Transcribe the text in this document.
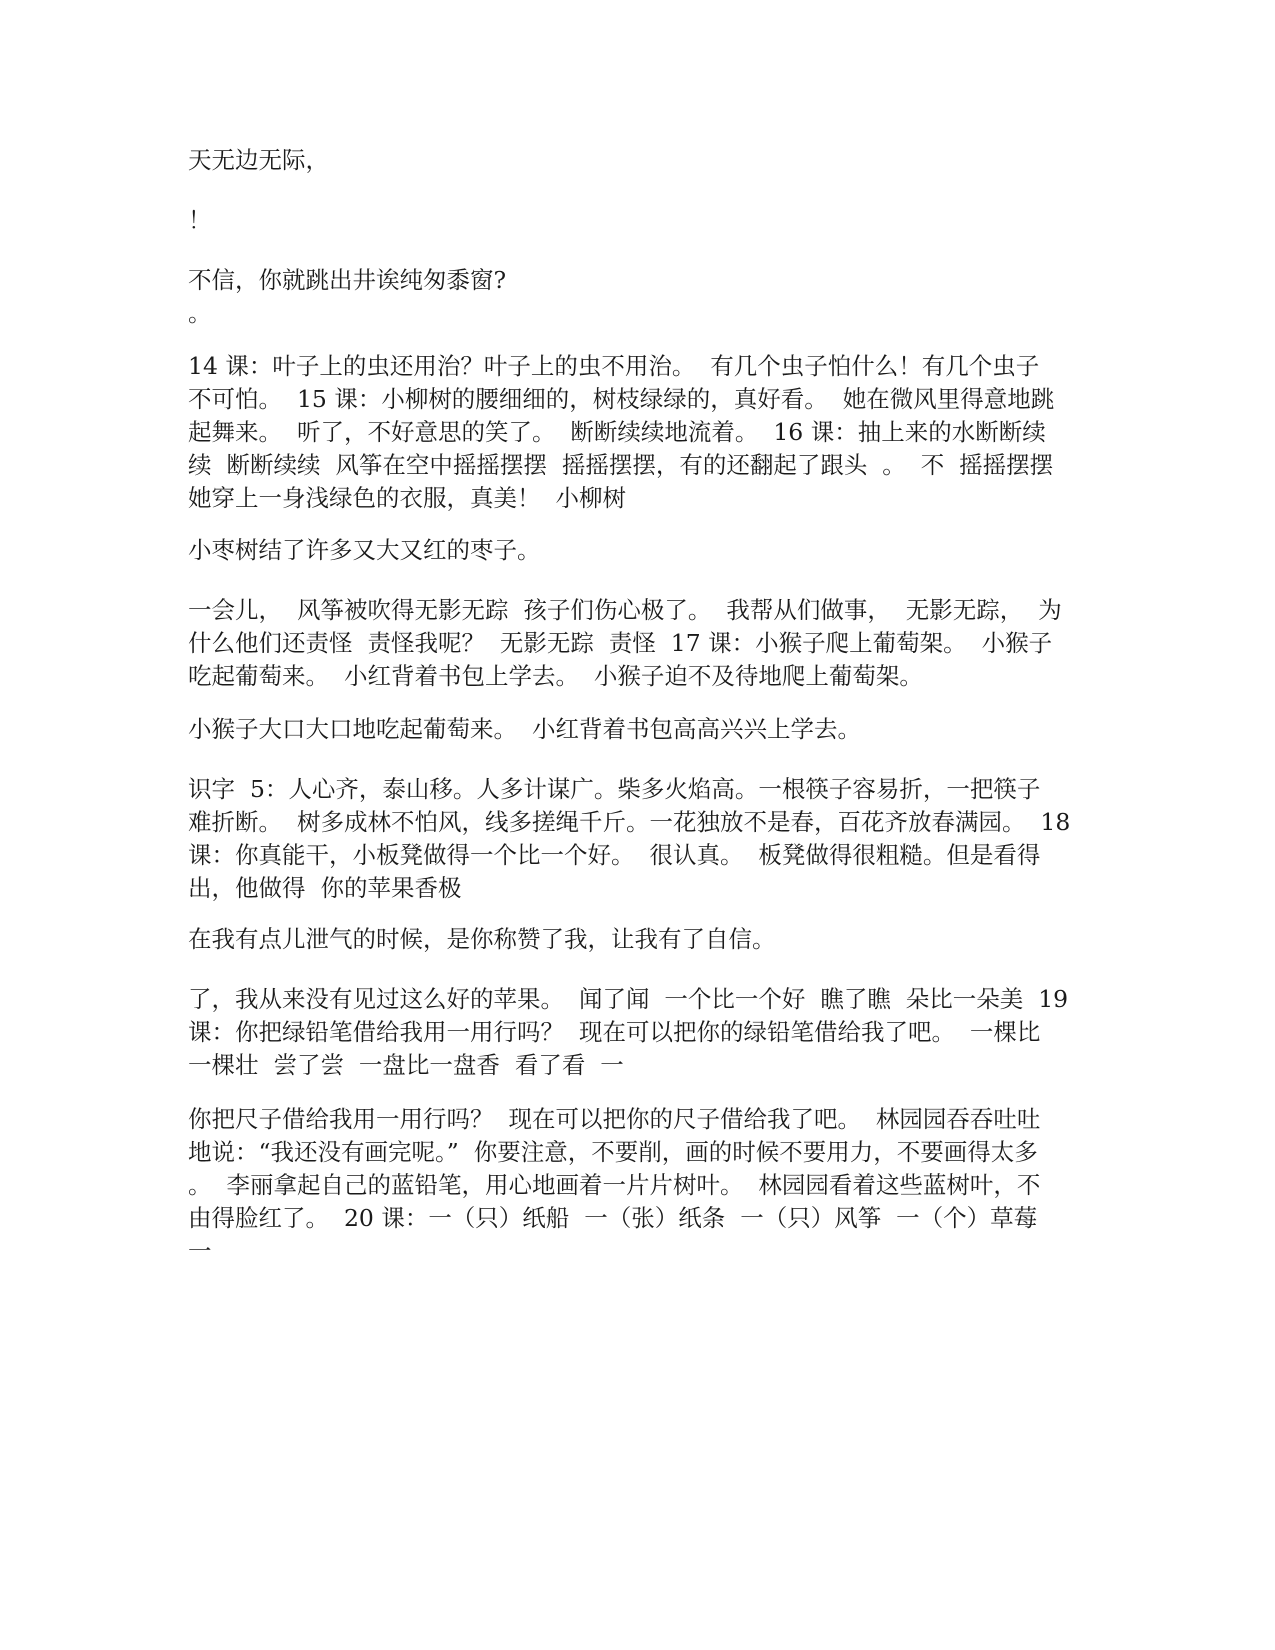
天无边无际，

！

不信，你就跳出井诶纯匆黍窗?
。

14 课：叶子上的虫还用治？叶子上的虫不用治。  有几个虫子怕什么！有几个虫子
不可怕。  15 课：小柳树的腰细细的，树枝绿绿的，真好看。  她在微风里得意地跳
起舞来。  听了，不好意思的笑了。  断断续续地流着。  16 课：抽上来的水断断续
续  断断续续  风筝在空中摇摇摆摆  摇摇摆摆，有的还翻起了跟头  。  不  摇摇摆摆
她穿上一身浅绿色的衣服，真美！  小柳树

小枣树结了许多又大又红的枣子。

一会儿，  风筝被吹得无影无踪  孩子们伤心极了。  我帮从们做事，  无影无踪，  为
什么他们还责怪  责怪我呢？  无影无踪  责怪  17 课：小猴子爬上葡萄架。  小猴子
吃起葡萄来。  小红背着书包上学去。  小猴子迫不及待地爬上葡萄架。

小猴子大口大口地吃起葡萄来。  小红背着书包高高兴兴上学去。

识字  5：人心齐，泰山移。人多计谋广。柴多火焰高。一根筷子容易折，一把筷子
难折断。  树多成林不怕风，线多搓绳千斤。一花独放不是春，百花齐放春满园。  18
课：你真能干，小板凳做得一个比一个好。  很认真。  板凳做得很粗糙。但是看得
出，他做得  你的苹果香极

在我有点儿泄气的时候，是你称赞了我，让我有了自信。

了，我从来没有见过这么好的苹果。  闻了闻  一个比一个好  瞧了瞧  朵比一朵美  19
课：你把绿铅笔借给我用一用行吗？  现在可以把你的绿铅笔借给我了吧。  一棵比
一棵壮  尝了尝  一盘比一盘香  看了看  一

你把尺子借给我用一用行吗？  现在可以把你的尺子借给我了吧。  林园园吞吞吐吐
地说：“我还没有画完呢。”  你要注意，不要削，画的时候不要用力，不要画得太多
。  李丽拿起自己的蓝铅笔，用心地画着一片片树叶。  林园园看着这些蓝树叶，不
由得脸红了。  20 课：一（只）纸船  一（张）纸条  一（只）风筝  一（个）草莓
一
